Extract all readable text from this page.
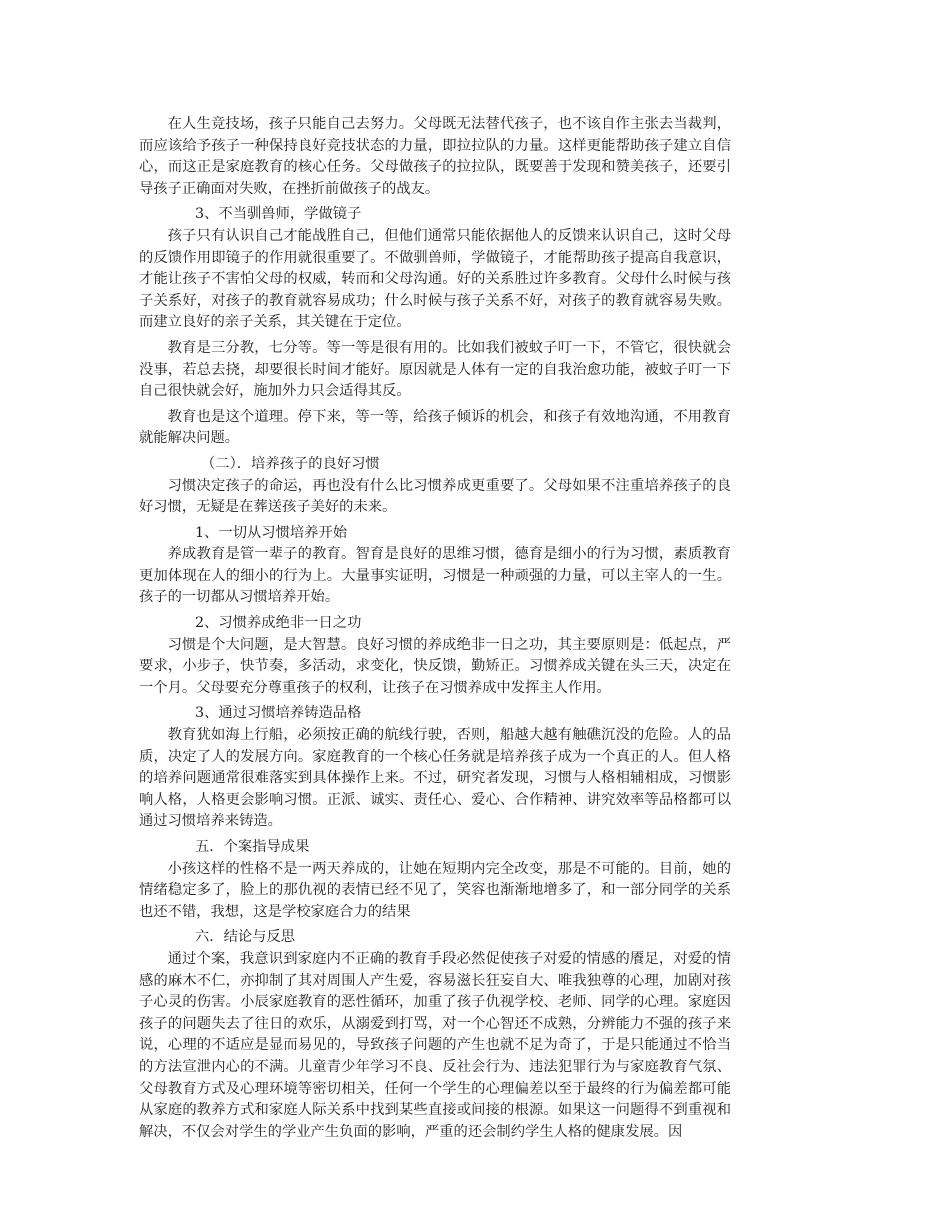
在人生竞技场，孩子只能自己去努力。父母既无法替代孩子，也不该自作主张去当裁判，而应该给予孩子一种保持良好竞技状态的力量，即拉拉队的力量。这样更能帮助孩子建立自信心，而这正是家庭教育的核心任务。父母做孩子的拉拉队，既要善于发现和赞美孩子，还要引导孩子正确面对失败，在挫折前做孩子的战友。

3、不当驯兽师，学做镜子

孩子只有认识自己才能战胜自己，但他们通常只能依据他人的反馈来认识自己，这时父母的反馈作用即镜子的作用就很重要了。不做驯兽师，学做镜子，才能帮助孩子提高自我意识，才能让孩子不害怕父母的权威，转而和父母沟通。好的关系胜过许多教育。父母什么时候与孩子关系好，对孩子的教育就容易成功；什么时候与孩子关系不好，对孩子的教育就容易失败。而建立良好的亲子关系，其关键在于定位。

教育是三分教，七分等。等一等是很有用的。比如我们被蚊子叮一下，不管它，很快就会没事，若总去挠，却要很长时间才能好。原因就是人体有一定的自我治愈功能，被蚊子叮一下自己很快就会好，施加外力只会适得其反。

教育也是这个道理。停下来，等一等，给孩子倾诉的机会，和孩子有效地沟通，不用教育就能解决问题。

（二）．培养孩子的良好习惯

习惯决定孩子的命运，再也没有什么比习惯养成更重要了。父母如果不注重培养孩子的良好习惯，无疑是在葬送孩子美好的未来。

1、一切从习惯培养开始

养成教育是管一辈子的教育。智育是良好的思维习惯，德育是细小的行为习惯，素质教育更加体现在人的细小的行为上。大量事实证明，习惯是一种顽强的力量，可以主宰人的一生。孩子的一切都从习惯培养开始。

2、习惯养成绝非一日之功

习惯是个大问题，是大智慧。良好习惯的养成绝非一日之功，其主要原则是：低起点，严要求，小步子，快节奏，多活动，求变化，快反馈，勤矫正。习惯养成关键在头三天，决定在一个月。父母要充分尊重孩子的权利，让孩子在习惯养成中发挥主人作用。

3、通过习惯培养铸造品格

教育犹如海上行船，必须按正确的航线行驶，否则，船越大越有触礁沉没的危险。人的品质，决定了人的发展方向。家庭教育的一个核心任务就是培养孩子成为一个真正的人。但人格的培养问题通常很难落实到具体操作上来。不过，研究者发现，习惯与人格相辅相成，习惯影响人格，人格更会影响习惯。正派、诚实、责任心、爱心、合作精神、讲究效率等品格都可以通过习惯培养来铸造。

五．个案指导成果

小孩这样的性格不是一两天养成的，让她在短期内完全改变，那是不可能的。目前，她的情绪稳定多了，脸上的那仇视的表情已经不见了，笑容也渐渐地增多了，和一部分同学的关系也还不错，我想，这是学校家庭合力的结果

六．结论与反思

通过个案，我意识到家庭内不正确的教育手段必然促使孩子对爱的情感的餍足，对爱的情感的麻木不仁，亦抑制了其对周围人产生爱，容易滋长狂妄自大、唯我独尊的心理，加剧对孩子心灵的伤害。小辰家庭教育的恶性循环，加重了孩子仇视学校、老师、同学的心理。家庭因孩子的问题失去了往日的欢乐，从溺爱到打骂，对一个心智还不成熟，分辨能力不强的孩子来说，心理的不适应是显而易见的，导致孩子问题的产生也就不足为奇了，于是只能通过不恰当的方法宣泄内心的不满。儿童青少年学习不良、反社会行为、违法犯罪行为与家庭教育气氛、父母教育方式及心理环境等密切相关，任何一个学生的心理偏差以至于最终的行为偏差都可能从家庭的教养方式和家庭人际关系中找到某些直接或间接的根源。如果这一问题得不到重视和解决，不仅会对学生的学业产生负面的影响，严重的还会制约学生人格的健康发展。因
